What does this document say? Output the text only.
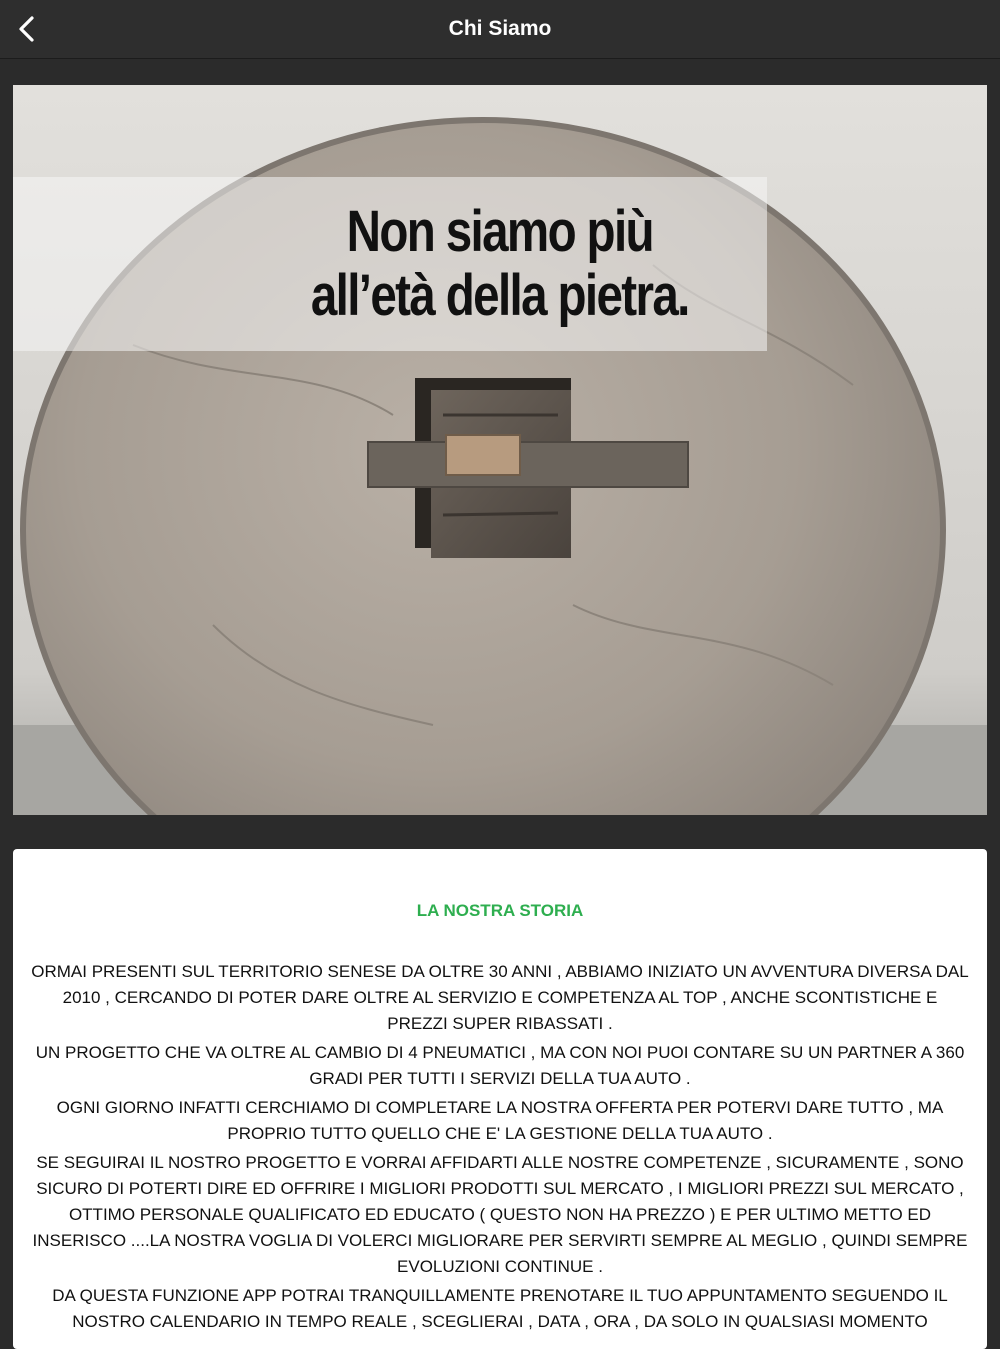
Chi Siamo
Non siamo più
all’età della pietra.
LA NOSTRA STORIA

ORMAI PRESENTI SUL TERRITORIO SENESE DA OLTRE 30 ANNI , ABBIAMO INIZIATO UN AVVENTURA DIVERSA DAL 2010 , CERCANDO DI POTER DARE OLTRE AL SERVIZIO E COMPETENZA AL TOP , ANCHE SCONTISTICHE E PREZZI SUPER RIBASSATI .

UN PROGETTO CHE VA OLTRE AL CAMBIO DI 4 PNEUMATICI , MA CON NOI PUOI CONTARE SU UN PARTNER A 360 GRADI PER TUTTI I SERVIZI DELLA TUA AUTO .

OGNI GIORNO INFATTI CERCHIAMO DI COMPLETARE LA NOSTRA OFFERTA PER POTERVI DARE TUTTO , MA PROPRIO TUTTO QUELLO CHE E' LA GESTIONE DELLA TUA AUTO .

SE SEGUIRAI IL NOSTRO PROGETTO E VORRAI AFFIDARTI ALLE NOSTRE COMPETENZE , SICURAMENTE , SONO SICURO DI POTERTI DIRE ED OFFRIRE I MIGLIORI PRODOTTI SUL MERCATO , I MIGLIORI PREZZI SUL MERCATO , OTTIMO PERSONALE QUALIFICATO ED EDUCATO ( QUESTO NON HA PREZZO ) E PER ULTIMO METTO ED INSERISCO ....LA NOSTRA VOGLIA DI VOLERCI MIGLIORARE PER SERVIRTI SEMPRE AL MEGLIO , QUINDI SEMPRE EVOLUZIONI CONTINUE .

DA QUESTA FUNZIONE APP POTRAI TRANQUILLAMENTE PRENOTARE IL TUO APPUNTAMENTO SEGUENDO IL NOSTRO CALENDARIO IN TEMPO REALE , SCEGLIERAI , DATA , ORA , DA SOLO IN QUALSIASI MOMENTO
